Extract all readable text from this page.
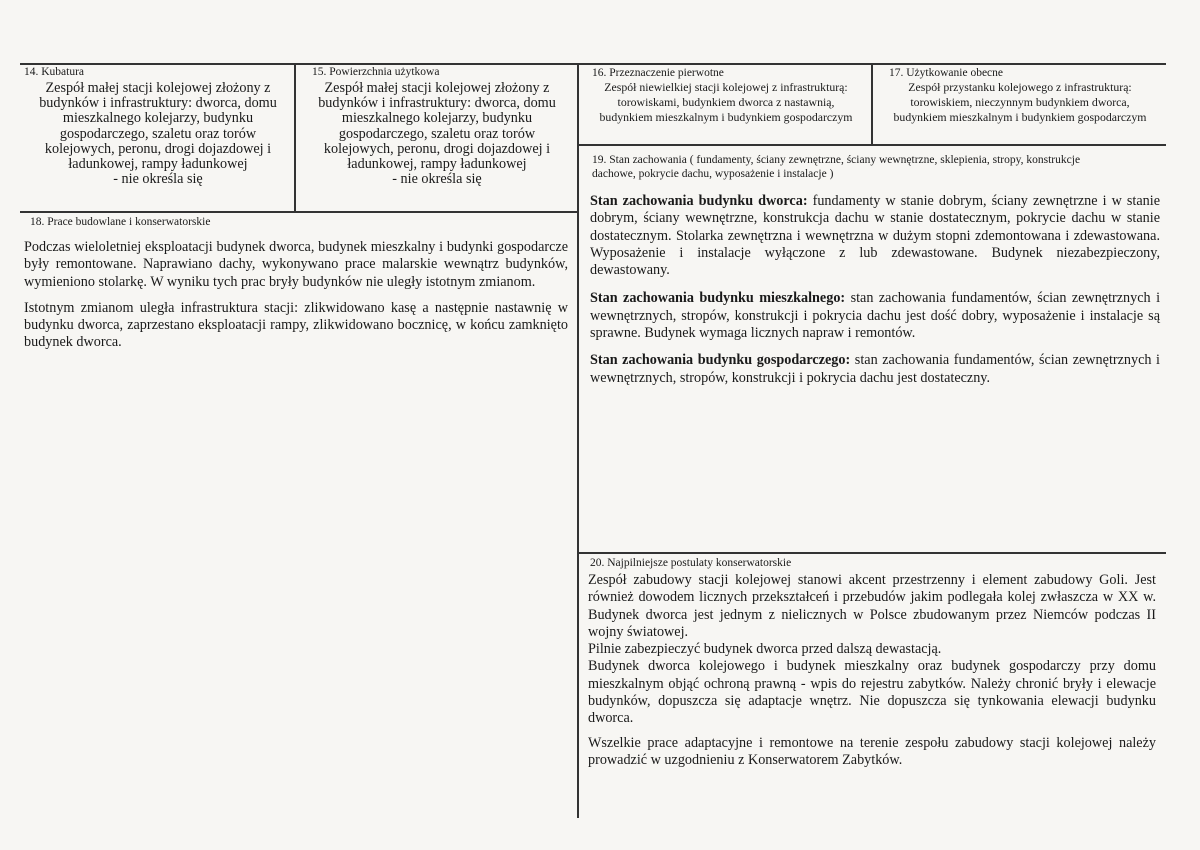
14. Kubatura
Zespół małej stacji kolejowej złożony z
budynków i infrastruktury: dworca, domu
mieszkalnego kolejarzy, budynku
gospodarczego, szaletu oraz torów
kolejowych, peronu, drogi dojazdowej i
ładunkowej, rampy ładunkowej
- nie określa się
15. Powierzchnia użytkowa
Zespół małej stacji kolejowej złożony z
budynków i infrastruktury: dworca, domu
mieszkalnego kolejarzy, budynku
gospodarczego, szaletu oraz torów
kolejowych, peronu, drogi dojazdowej i
ładunkowej, rampy ładunkowej
- nie określa się
16. Przeznaczenie pierwotne
Zespół niewielkiej stacji kolejowej z infrastrukturą:
torowiskami, budynkiem dworca z nastawnią,
budynkiem mieszkalnym i budynkiem gospodarczym
17. Użytkowanie obecne
Zespół przystanku kolejowego z infrastrukturą:
torowiskiem, nieczynnym budynkiem dworca,
budynkiem mieszkalnym i budynkiem gospodarczym
18. Prace budowlane i konserwatorskie

Podczas wieloletniej eksploatacji budynek dworca, budynek mieszkalny i budynki gospodarcze były remontowane. Naprawiano dachy, wykonywano prace malarskie wewnątrz budynków, wymieniono stolarkę. W wyniku tych prac bryły budynków nie uległy istotnym zmianom.

Istotnym zmianom uległa infrastruktura stacji: zlikwidowano kasę a następnie nastawnię w budynku dworca, zaprzestano eksploatacji rampy, zlikwidowano bocznicę, w końcu zamknięto budynek dworca.

19. Stan zachowania ( fundamenty, ściany zewnętrzne, ściany wewnętrzne, sklepienia, stropy, konstrukcje dachowe, pokrycie dachu, wyposażenie i instalacje )

Stan zachowania budynku dworca: fundamenty w stanie dobrym, ściany zewnętrzne i w stanie dobrym, ściany wewnętrzne, konstrukcja dachu w stanie dostatecznym, pokrycie dachu w stanie dostatecznym. Stolarka zewnętrzna i wewnętrzna w dużym stopni zdemontowana i zdewastowana. Wyposażenie i instalacje wyłączone z lub zdewastowane. Budynek niezabezpieczony, dewastowany.

Stan zachowania budynku mieszkalnego: stan zachowania fundamentów, ścian zewnętrznych i wewnętrznych, stropów, konstrukcji i pokrycia dachu jest dość dobry, wyposażenie i instalacje są sprawne. Budynek wymaga licznych napraw i remontów.

Stan zachowania budynku gospodarczego: stan zachowania fundamentów, ścian zewnętrznych i wewnętrznych, stropów, konstrukcji i pokrycia dachu jest dostateczny.

20. Najpilniejsze postulaty konserwatorskie

Zespół zabudowy stacji kolejowej stanowi akcent przestrzenny i element zabudowy Goli. Jest również dowodem licznych przekształceń i przebudów jakim podlegała kolej zwłaszcza w XX w. Budynek dworca jest jednym z nielicznych w Polsce zbudowanym przez Niemców podczas II wojny światowej.

Pilnie zabezpieczyć budynek dworca przed dalszą dewastacją.

Budynek dworca kolejowego i budynek mieszkalny oraz budynek gospodarczy przy domu mieszkalnym objąć ochroną prawną - wpis do rejestru zabytków. Należy chronić bryły i elewacje budynków, dopuszcza się adaptacje wnętrz. Nie dopuszcza się tynkowania elewacji budynku dworca.

Wszelkie prace adaptacyjne i remontowe na terenie zespołu zabudowy stacji kolejowej należy prowadzić w uzgodnieniu z Konserwatorem Zabytków.
